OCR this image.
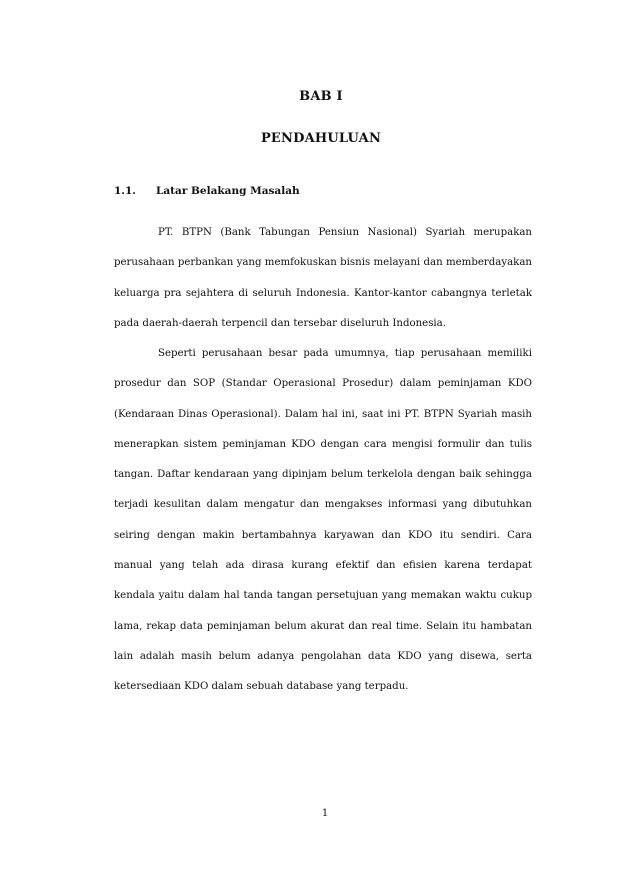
BAB I
PENDAHULUAN
1.1. Latar Belakang Masalah

PT. BTPN (Bank Tabungan Pensiun Nasional) Syariah merupakan perusahaan perbankan yang memfokuskan bisnis melayani dan memberdayakan keluarga pra sejahtera di seluruh Indonesia. Kantor-kantor cabangnya terletak pada daerah-daerah terpencil dan tersebar diseluruh Indonesia.

Seperti perusahaan besar pada umumnya, tiap perusahaan memiliki prosedur dan SOP (Standar Operasional Prosedur) dalam peminjaman KDO (Kendaraan Dinas Operasional). Dalam hal ini, saat ini PT. BTPN Syariah masih menerapkan sistem peminjaman KDO dengan cara mengisi formulir dan tulis tangan. Daftar kendaraan yang dipinjam belum terkelola dengan baik sehingga terjadi kesulitan dalam mengatur dan mengakses informasi yang dibutuhkan seiring dengan makin bertambahnya karyawan dan KDO itu sendiri. Cara manual yang telah ada dirasa kurang efektif dan efisien karena terdapat kendala yaitu dalam hal tanda tangan persetujuan yang memakan waktu cukup lama, rekap data peminjaman belum akurat dan real time. Selain itu hambatan lain adalah masih belum adanya pengolahan data KDO yang disewa, serta ketersediaan KDO dalam sebuah database yang terpadu.

1
